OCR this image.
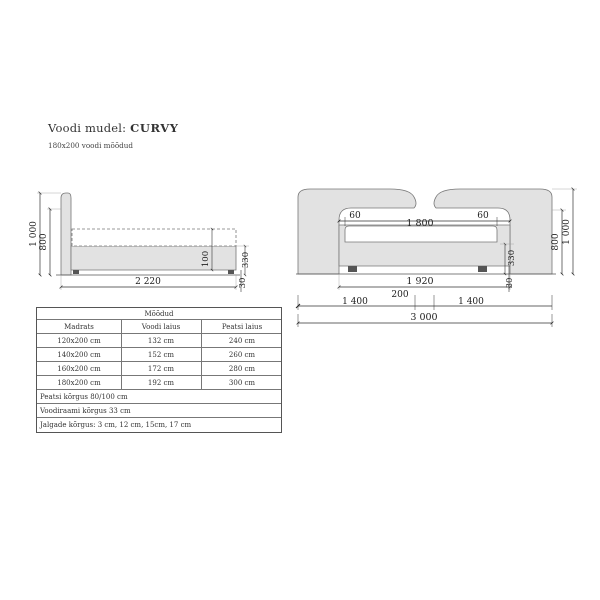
Voodi mudel: CURVY
180x200 voodi mõõdud
1 000 800
100	330
30
2 220
60
1 800
60
330
30
800 1 000
1 920
1 400
200
1 400
3 000
Mõõdud
Madrats	Voodi laius	Peatsi laius
120x200 cm	132 cm	240 cm
140x200 cm	152 cm	260 cm
160x200 cm	172 cm	280 cm
180x200 cm	192 cm	300 cm
Peatsi kõrgus 80/100 cm
Voodiraami kõrgus 33 cm
Jalgade kõrgus: 3 cm, 12 cm, 15cm, 17 cm
